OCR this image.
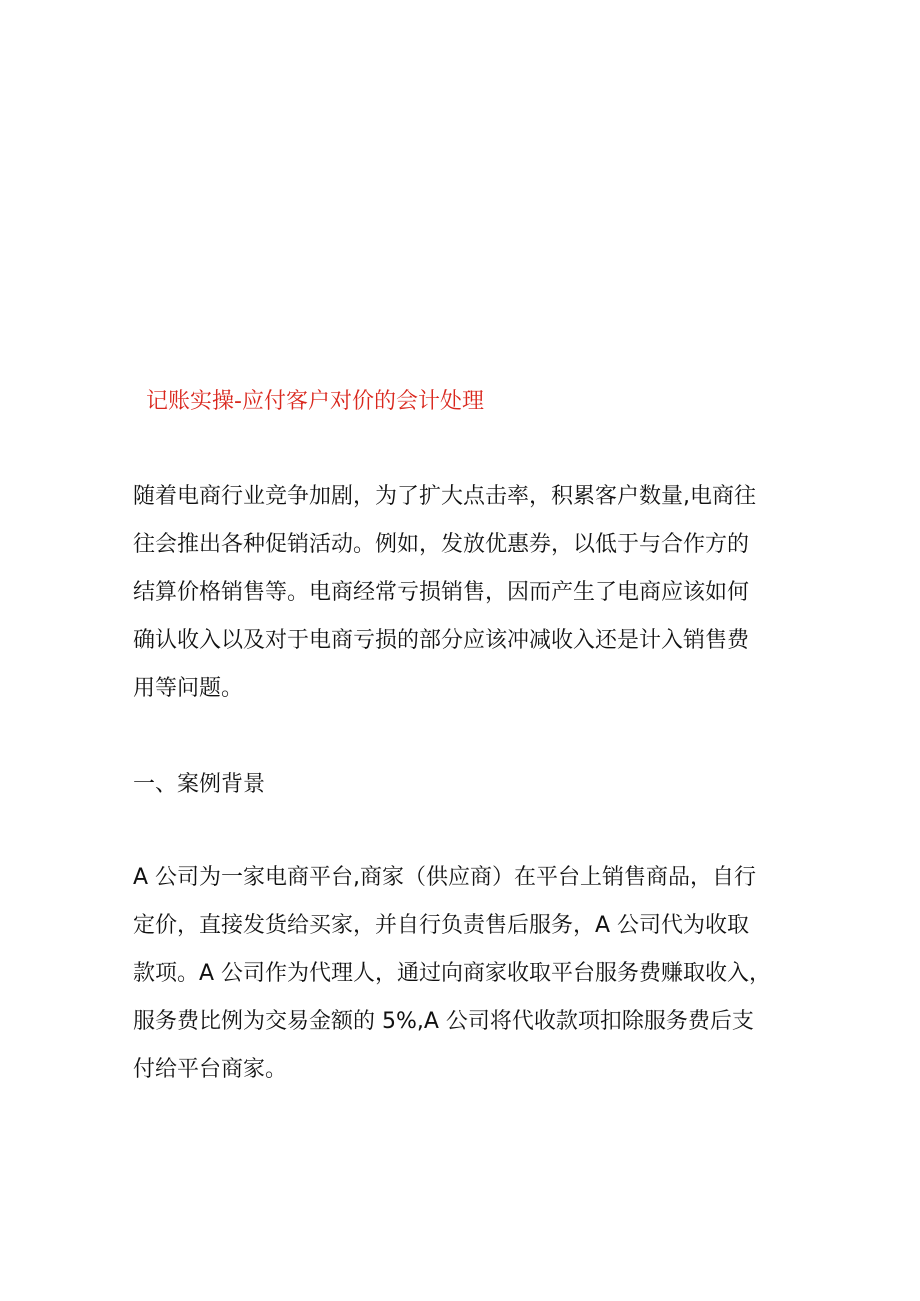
记账实操-应付客户对价的会计处理
随着电商行业竞争加剧，为了扩大点击率，积累客户数量,电商往
往会推出各种促销活动。例如，发放优惠券，以低于与合作方的
结算价格销售等。电商经常亏损销售，因而产生了电商应该如何
确认收入以及对于电商亏损的部分应该冲减收入还是计入销售费
用等问题。
一、案例背景
A 公司为一家电商平台,商家（供应商）在平台上销售商品，自行
定价，直接发货给买家，并自行负责售后服务，A 公司代为收取
款项。A 公司作为代理人，通过向商家收取平台服务费赚取收入，
服务费比例为交易金额的 5%,A 公司将代收款项扣除服务费后支
付给平台商家。
